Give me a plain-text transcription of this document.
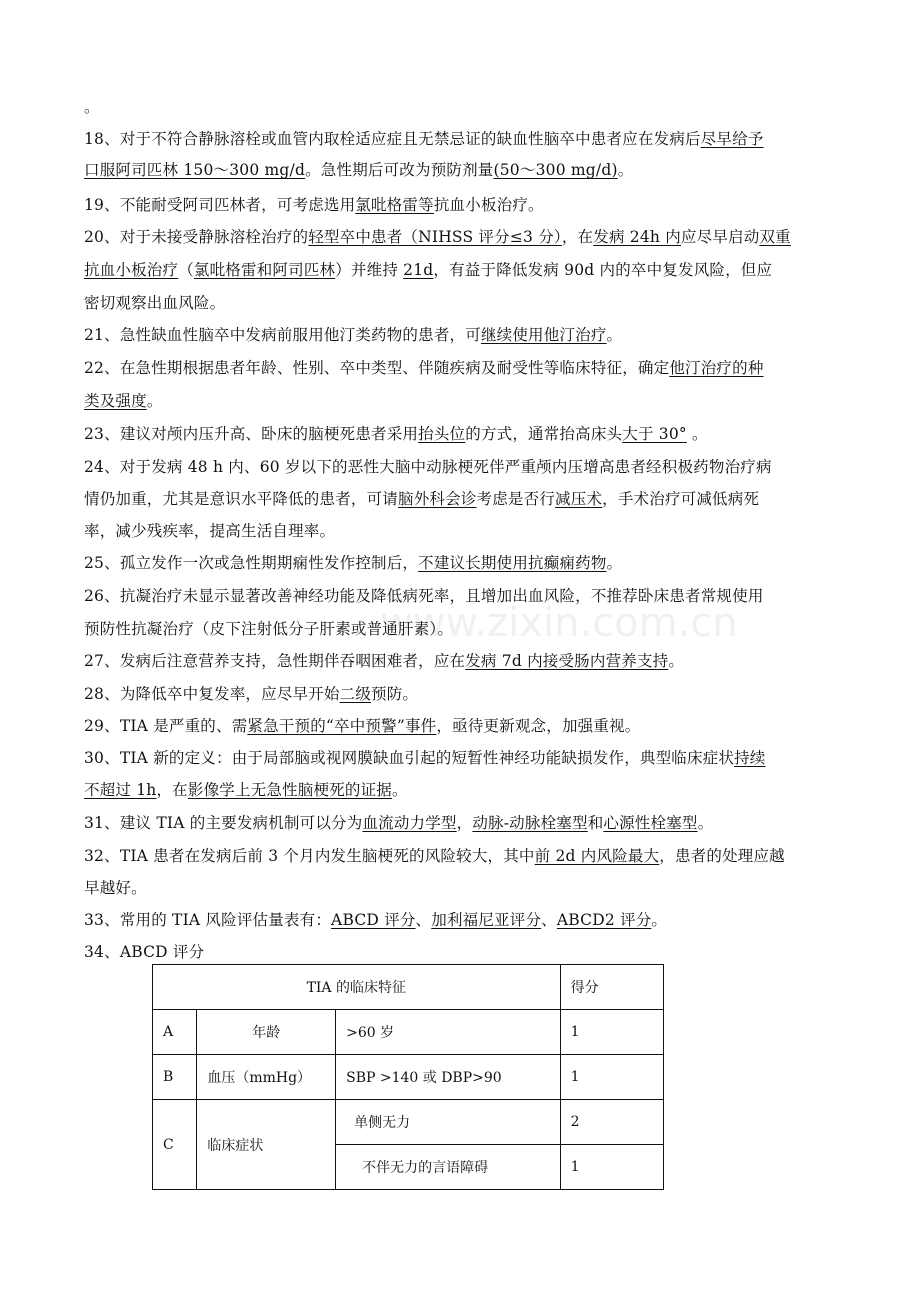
www.zixin.com.cn
。
18、对于不符合静脉溶栓或血管内取栓适应症且无禁忌证的缺血性脑卒中患者应在发病后尽早给予
口服阿司匹林 150～300 mg/d。急性期后可改为预防剂量(50～300 mg/d)。
19、不能耐受阿司匹林者，可考虑选用氯吡格雷等抗血小板治疗。
20、对于未接受静脉溶栓治疗的轻型卒中患者（NIHSS 评分≤3 分），在发病 24h 内应尽早启动双重
抗血小板治疗（氯吡格雷和阿司匹林）并维持 21d，有益于降低发病 90d 内的卒中复发风险，但应
密切观察出血风险。
21、急性缺血性脑卒中发病前服用他汀类药物的患者，可继续使用他汀治疗。
22、在急性期根据患者年龄、性别、卒中类型、伴随疾病及耐受性等临床特征，确定他汀治疗的种
类及强度。
23、建议对颅内压升高、卧床的脑梗死患者采用抬头位的方式，通常抬高床头大于 30° 。
24、对于发病 48 h 内、60 岁以下的恶性大脑中动脉梗死伴严重颅内压增高患者经积极药物治疗病
情仍加重，尤其是意识水平降低的患者，可请脑外科会诊考虑是否行减压术，手术治疗可减低病死
率，减少残疾率，提高生活自理率。
25、孤立发作一次或急性期期痫性发作控制后，不建议长期使用抗癫痫药物。
26、抗凝治疗未显示显著改善神经功能及降低病死率，且增加出血风险，不推荐卧床患者常规使用
预防性抗凝治疗（皮下注射低分子肝素或普通肝素）。
27、发病后注意营养支持，急性期伴吞咽困难者，应在发病 7d 内接受肠内营养支持。
28、为降低卒中复发率，应尽早开始二级预防。
29、TIA 是严重的、需紧急干预的“卒中预警”事件，亟待更新观念，加强重视。
30、TIA 新的定义：由于局部脑或视网膜缺血引起的短暂性神经功能缺损发作，典型临床症状持续
不超过 1h，在影像学上无急性脑梗死的证据。
31、建议 TIA 的主要发病机制可以分为血流动力学型，动脉-动脉栓塞型和心源性栓塞型。
32、TIA 患者在发病后前 3 个月内发生脑梗死的风险较大，其中前 2d 内风险最大，患者的处理应越
早越好。
33、常用的 TIA 风险评估量表有：ABCD 评分、加利福尼亚评分、ABCD2 评分。
34、ABCD 评分
TIA 的临床特征			得分
A	年龄	>60 岁	1
B	血压（mmHg）	SBP >140 或 DBP>90	1
C	临床症状	单侧无力	2
		不伴无力的言语障碍	1
